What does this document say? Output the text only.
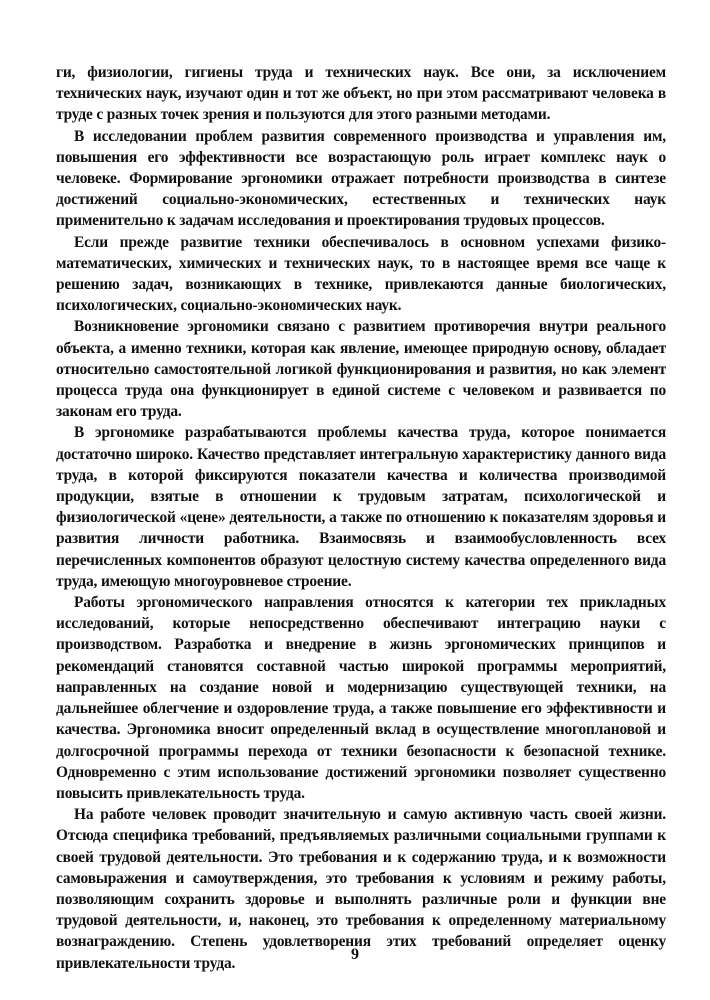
ги, физиологии, гигиены труда и технических наук. Все они, за исключением технических наук, изучают один и тот же объект, но при этом рассматривают человека в труде с разных точек зрения и пользуются для этого разными методами.

В исследовании проблем развития современного производства и управления им, повышения его эффективности все возрастающую роль играет комплекс наук о человеке. Формирование эргономики отражает потребности производства в синтезе достижений социально-экономических, естественных и технических наук применительно к задачам исследования и проектирования трудовых процессов.

Если прежде развитие техники обеспечивалось в основном успехами физико-математических, химических и технических наук, то в настоящее время все чаще к решению задач, возникающих в технике, привлекаются данные биологических, психологических, социально-экономических наук.

Возникновение эргономики связано с развитием противоречия внутри реального объекта, а именно техники, которая как явление, имеющее природную основу, обладает относительно самостоятельной логикой функционирования и развития, но как элемент процесса труда она функционирует в единой системе с человеком и развивается по законам его труда.

В эргономике разрабатываются проблемы качества труда, которое понимается достаточно широко. Качество представляет интегральную характеристику данного вида труда, в которой фиксируются показатели качества и количества производимой продукции, взятые в отношении к трудовым затратам, психологической и физиологической «цене» деятельности, а также по отношению к показателям здоровья и развития личности работника. Взаимосвязь и взаимообусловленность всех перечисленных компонентов образуют целостную систему качества определенного вида труда, имеющую многоуровневое строение.

Работы эргономического направления относятся к категории тех прикладных исследований, которые непосредственно обеспечивают интеграцию науки с производством. Разработка и внедрение в жизнь эргономических принципов и рекомендаций становятся составной частью широкой программы мероприятий, направленных на создание новой и модернизацию существующей техники, на дальнейшее облегчение и оздоровление труда, а также повышение его эффективности и качества. Эргономика вносит определенный вклад в осуществление многоплановой и долгосрочной программы перехода от техники безопасности к безопасной технике. Одновременно с этим использование достижений эргономики позволяет существенно повысить привлекательность труда.

На работе человек проводит значительную и самую активную часть своей жизни. Отсюда специфика требований, предъявляемых различными социальными группами к своей трудовой деятельности. Это требования и к содержанию труда, и к возможности самовыражения и самоутверждения, это требования к условиям и режиму работы, позволяющим сохранить здоровье и выполнять различные роли и функции вне трудовой деятельности, и, наконец, это требования к определенному материальному вознаграждению. Степень удовлетворения этих требований определяет оценку привлекательности труда.

9
